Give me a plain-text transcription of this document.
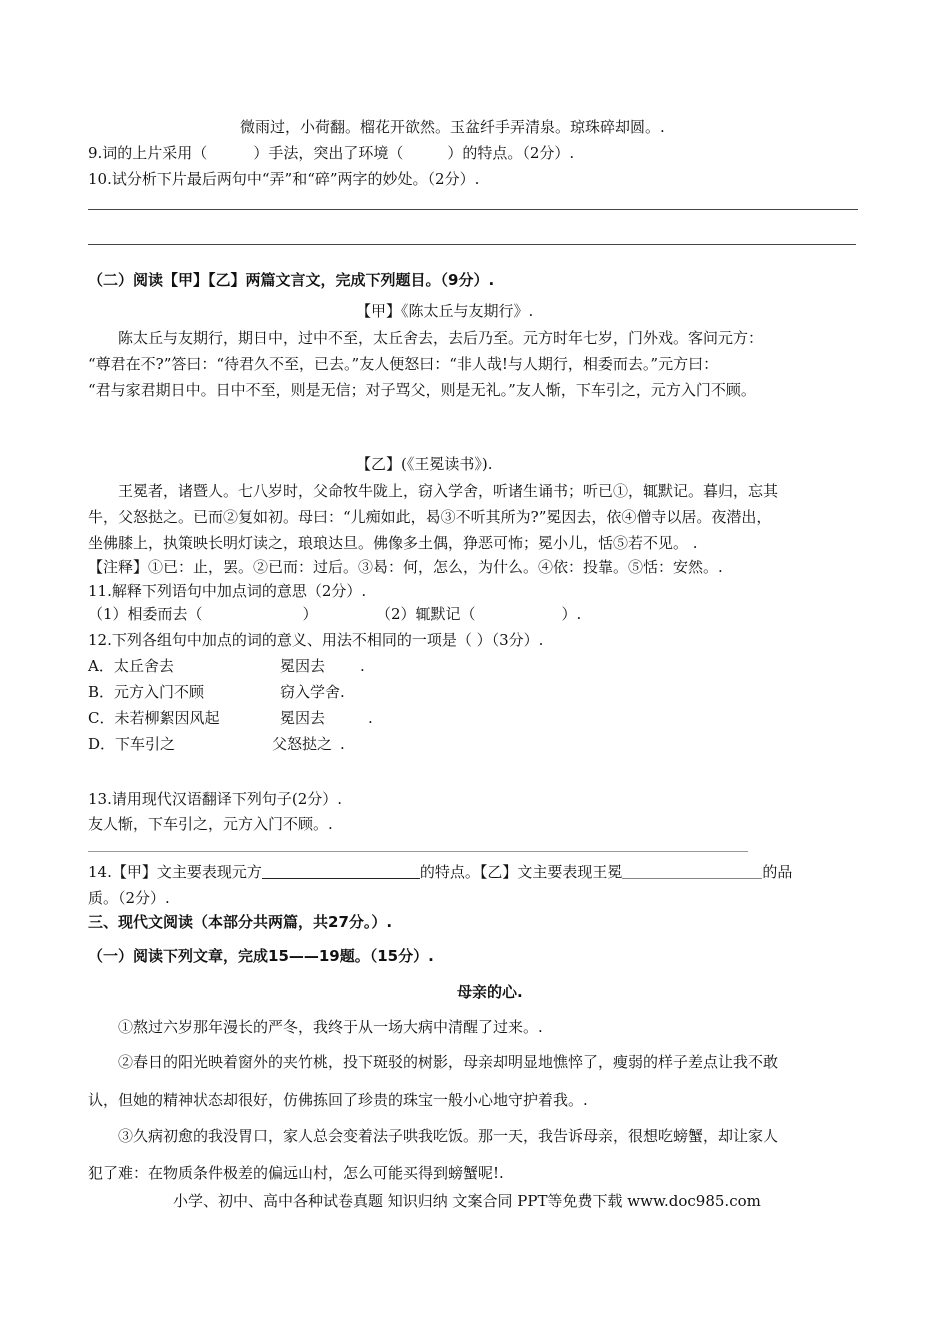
微雨过，小荷翻。榴花开欲然。玉盆纤手弄清泉。琼珠碎却圆。.
9.词的上片采用（	）手法，突出了环境（	）的特点。（2分）.
10.试分析下片最后两句中“弄”和“碎”两字的妙处。（2分）.
（二）阅读【甲】【乙】两篇文言文，完成下列题目。（9分）.
【甲】《陈太丘与友期行》.
陈太丘与友期行，期日中，过中不至，太丘舍去，去后乃至。元方时年七岁，门外戏。客问元方：
“尊君在不?”答曰：“待君久不至，已去。”友人便怒曰：“非人哉!与人期行，相委而去。”元方曰：
“君与家君期日中。日中不至，则是无信；对子骂父，则是无礼。”友人惭，下车引之，元方入门不顾。
【乙】(《王冕读书》).
王冕者，诸暨人。七八岁时，父命牧牛陇上，窃入学舍，听诸生诵书；听已①，辄默记。暮归，忘其
牛，父怒挞之。已而②复如初。母曰：“儿痴如此，曷③不听其所为?”冕因去，依④僧寺以居。夜潜出，
坐佛膝上，执策映长明灯读之，琅琅达旦。佛像多土偶，狰恶可怖；冕小儿，恬⑤若不见。 .
【注释】①已：止，罢。②已而：过后。③曷：何，怎么，为什么。④依：投靠。⑤恬：安然。.
11.解释下列语句中加点词的意思（2分）.
（1）相委而去（	）	（2）辄默记（	）.
12.下列各组句中加点的词的意义、用法不相同的一项是（ ）（3分）.
A．太丘舍去	冕因去 .
B．元方入门不顾	窃入学舍.
C．未若柳絮因风起	冕因去	.
D．下车引之	父怒挞之 .
13.请用现代汉语翻译下列句子(2分）.
友人惭，下车引之，元方入门不顾。.
14.【甲】文主要表现元方	的特点。【乙】文主要表现王冕	的品
质。（2分）.
三、现代文阅读（本部分共两篇，共27分。）.
（一）阅读下列文章，完成15——19题。（15分）.
母亲的心.
①熬过六岁那年漫长的严冬，我终于从一场大病中清醒了过来。.
②春日的阳光映着窗外的夹竹桃，投下斑驳的树影，母亲却明显地憔悴了，瘦弱的样子差点让我不敢
认，但她的精神状态却很好，仿佛拣回了珍贵的珠宝一般小心地守护着我。.
③久病初愈的我没胃口，家人总会变着法子哄我吃饭。那一天，我告诉母亲，很想吃螃蟹，却让家人
犯了难：在物质条件极差的偏远山村，怎么可能买得到螃蟹呢!.
小学、初中、高中各种试卷真题 知识归纳 文案合同 PPT等免费下载 www.doc985.com
